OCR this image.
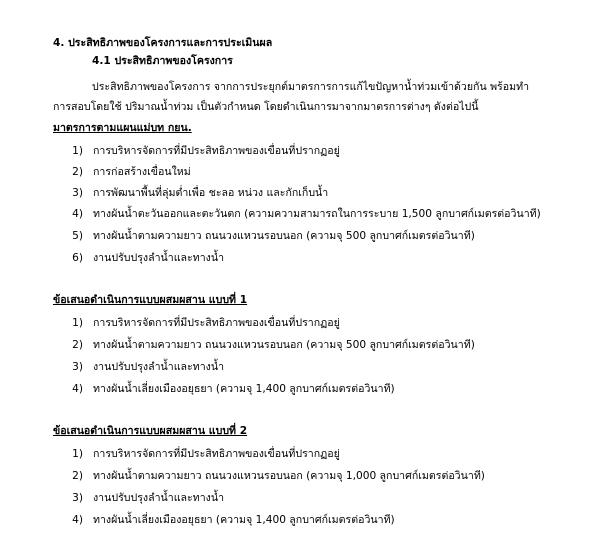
4. ประสิทธิภาพของโครงการและการประเมินผล
4.1 ประสิทธิภาพของโครงการ
ประสิทธิภาพของโครงการ จากการประยุกต์มาตรการการแก้ไขปัญหาน้ำท่วมเข้าด้วยกัน พร้อมทำ
การสอบโดยใช้ ปริมาณน้ำท่วม เป็นตัวกำหนด โดยดำเนินการมาจากมาตรการต่างๆ ดังต่อไปนี้
มาตรการตามแผนแม่บท กยน.
1) การบริหารจัดการที่มีประสิทธิภาพของเขื่อนที่ปรากฏอยู่
2) การก่อสร้างเขื่อนใหม่
3) การพัฒนาพื้นที่ลุ่มต่ำเพื่อ ชะลอ หน่วง และกักเก็บน้ำ
4) ทางผันน้ำตะวันออกและตะวันตก (ความความสามารถในการระบาย 1,500 ลูกบาศก์เมตรต่อวินาที)
5) ทางผันน้ำตามความยาว ถนนวงแหวนรอบนอก (ความจุ 500 ลูกบาศก์เมตรต่อวินาที)
6) งานปรับปรุงลำน้ำและทางน้ำ
ข้อเสนอดำเนินการแบบผสมผสาน แบบที่ 1
1) การบริหารจัดการที่มีประสิทธิภาพของเขื่อนที่ปรากฏอยู่
2) ทางผันน้ำตามความยาว ถนนวงแหวนรอบนอก (ความจุ 500 ลูกบาศก์เมตรต่อวินาที)
3) งานปรับปรุงลำน้ำและทางน้ำ
4) ทางผันน้ำเลี่ยงเมืองอยุธยา (ความจุ 1,400 ลูกบาศก์เมตรต่อวินาที)
ข้อเสนอดำเนินการแบบผสมผสาน แบบที่ 2
1) การบริหารจัดการที่มีประสิทธิภาพของเขื่อนที่ปรากฏอยู่
2) ทางผันน้ำตามความยาว ถนนวงแหวนรอบนอก (ความจุ 1,000 ลูกบาศก์เมตรต่อวินาที)
3) งานปรับปรุงลำน้ำและทางน้ำ
4) ทางผันน้ำเลี่ยงเมืองอยุธยา (ความจุ 1,400 ลูกบาศก์เมตรต่อวินาที)
